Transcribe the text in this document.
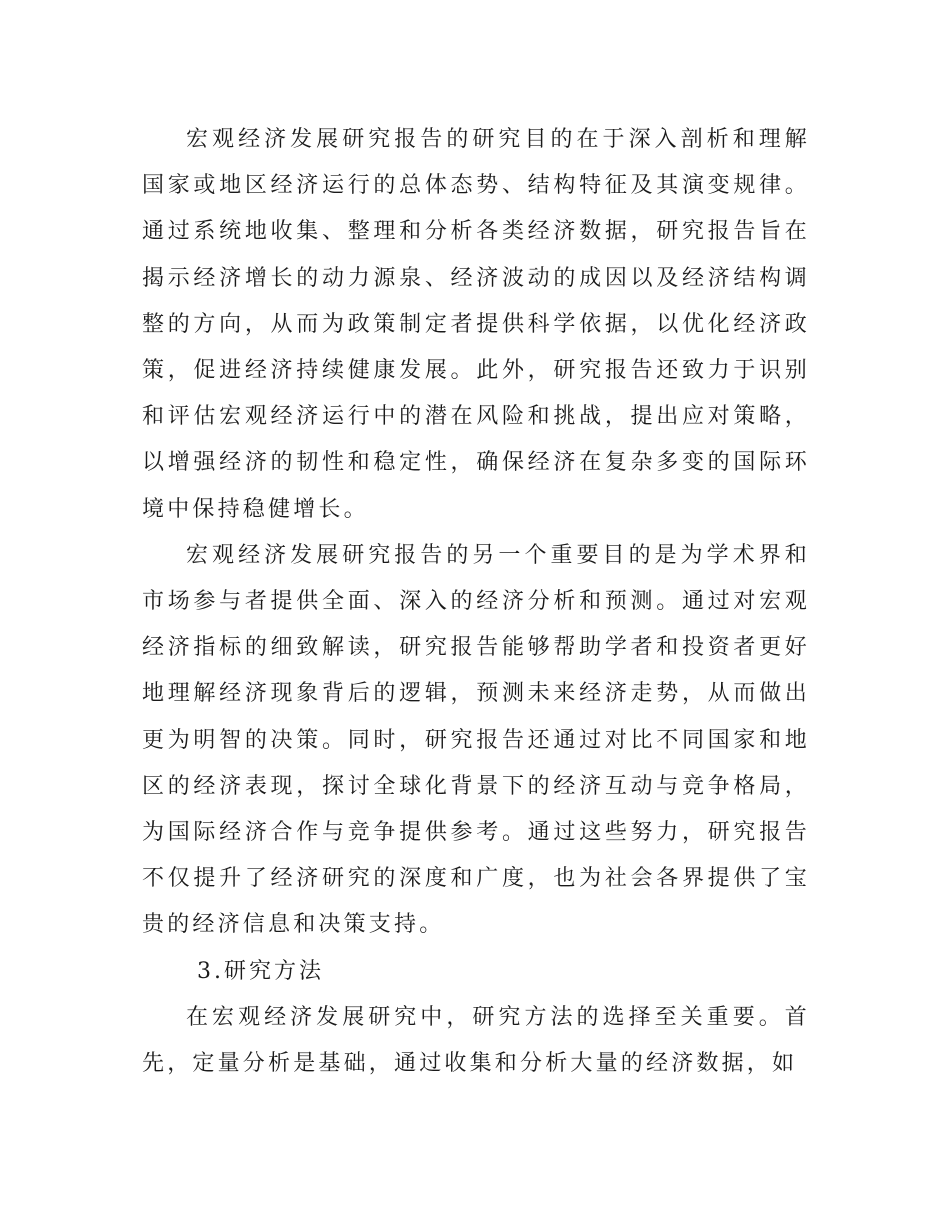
宏观经济发展研究报告的研究目的在于深入剖析和理解国家或地区经济运行的总体态势、结构特征及其演变规律。通过系统地收集、整理和分析各类经济数据，研究报告旨在揭示经济增长的动力源泉、经济波动的成因以及经济结构调整的方向，从而为政策制定者提供科学依据，以优化经济政策，促进经济持续健康发展。此外，研究报告还致力于识别和评估宏观经济运行中的潜在风险和挑战，提出应对策略，以增强经济的韧性和稳定性，确保经济在复杂多变的国际环境中保持稳健增长。

宏观经济发展研究报告的另一个重要目的是为学术界和市场参与者提供全面、深入的经济分析和预测。通过对宏观经济指标的细致解读，研究报告能够帮助学者和投资者更好地理解经济现象背后的逻辑，预测未来经济走势，从而做出更为明智的决策。同时，研究报告还通过对比不同国家和地区的经济表现，探讨全球化背景下的经济互动与竞争格局，为国际经济合作与竞争提供参考。通过这些努力，研究报告不仅提升了经济研究的深度和广度，也为社会各界提供了宝贵的经济信息和决策支持。

3.研究方法

在宏观经济发展研究中，研究方法的选择至关重要。首先，定量分析是基础，通过收集和分析大量的经济数据，如
